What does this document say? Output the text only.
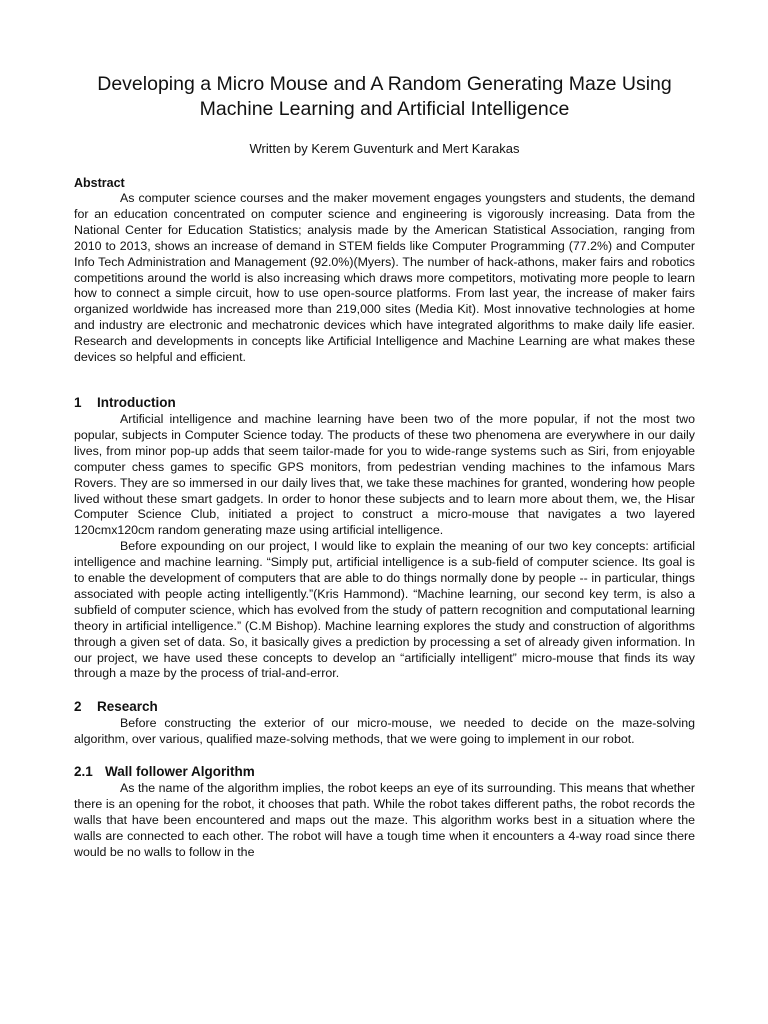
Developing a Micro Mouse and A Random Generating Maze Using
Machine Learning and Artificial Intelligence
Written by Kerem Guventurk and Mert Karakas
Abstract

As computer science courses and the maker movement engages youngsters and students, the demand for an education concentrated on computer science and engineering is vigorously increasing. Data from the National Center for Education Statistics; analysis made by the American Statistical Association, ranging from 2010 to 2013, shows an increase of demand in STEM fields like Computer Programming (77.2%) and Computer Info Tech Administration and Management (92.0%)(Myers). The number of hack-athons, maker fairs and robotics competitions around the world is also increasing which draws more competitors, motivating more people to learn how to connect a simple circuit, how to use open-source platforms. From last year, the increase of maker fairs organized worldwide has increased more than 219,000 sites (Media Kit). Most innovative technologies at home and industry are electronic and mechatronic devices which have integrated algorithms to make daily life easier. Research and developments in concepts like Artificial Intelligence and Machine Learning are what makes these devices so helpful and efficient.

1 Introduction

Artificial intelligence and machine learning have been two of the more popular, if not the most two popular, subjects in Computer Science today. The products of these two phenomena are everywhere in our daily lives, from minor pop-up adds that seem tailor-made for you to wide-range systems such as Siri, from enjoyable computer chess games to specific GPS monitors, from pedestrian vending machines to the infamous Mars Rovers. They are so immersed in our daily lives that, we take these machines for granted, wondering how people lived without these smart gadgets. In order to honor these subjects and to learn more about them, we, the Hisar Computer Science Club, initiated a project to construct a micro-mouse that navigates a two layered 120cmx120cm random generating maze using artificial intelligence.

Before expounding on our project, I would like to explain the meaning of our two key concepts: artificial intelligence and machine learning. “Simply put, artificial intelligence is a sub-field of computer science. Its goal is to enable the development of computers that are able to do things normally done by people -- in particular, things associated with people acting intelligently.”(Kris Hammond). “Machine learning, our second key term, is also a subfield of computer science, which has evolved from the study of pattern recognition and computational learning theory in artificial intelligence.” (C.M Bishop). Machine learning explores the study and construction of algorithms through a given set of data. So, it basically gives a prediction by processing a set of already given information. In our project, we have used these concepts to develop an “artificially intelligent” micro-mouse that finds its way through a maze by the process of trial-and-error.

2 Research

Before constructing the exterior of our micro-mouse, we needed to decide on the maze-solving algorithm, over various, qualified maze-solving methods, that we were going to implement in our robot.

2.1 Wall follower Algorithm

As the name of the algorithm implies, the robot keeps an eye of its surrounding. This means that whether there is an opening for the robot, it chooses that path. While the robot takes different paths, the robot records the walls that have been encountered and maps out the maze. This algorithm works best in a situation where the walls are connected to each other. The robot will have a tough time when it encounters a 4-way road since there would be no walls to follow in the
